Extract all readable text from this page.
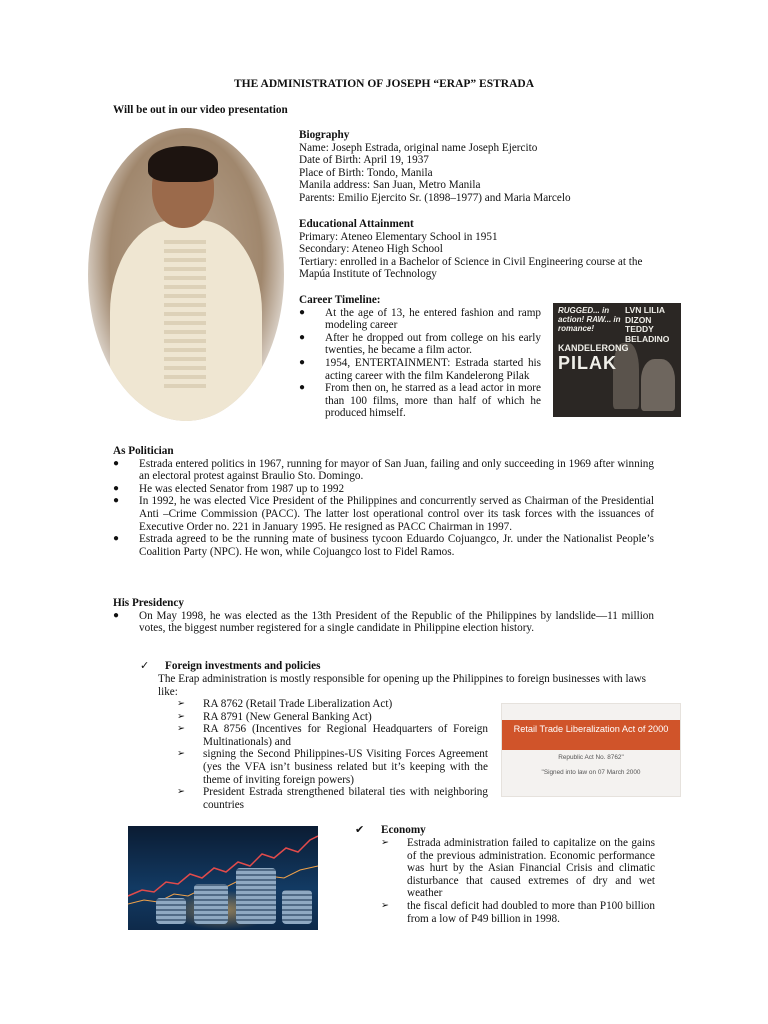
THE ADMINISTRATION OF JOSEPH “ERAP” ESTRADA
Will be out in our video presentation
Biography
Name: Joseph Estrada, original name Joseph Ejercito
Date of Birth: April 19, 1937
Place of Birth: Tondo, Manila
Manila address: San Juan, Metro Manila
Parents: Emilio Ejercito Sr. (1898–1977) and Maria Marcelo
Educational Attainment
Primary: Ateneo Elementary School in 1951
Secondary: Ateneo High School
Tertiary: enrolled in a Bachelor of Science in Civil Engineering course at the Mapúa Institute of Technology
Career Timeline:
● At the age of 13, he entered fashion and ramp modeling career
● After he dropped out from college on his early twenties, he became a film actor.
● 1954, ENTERTAINMENT: Estrada started his acting career with the film Kandelerong Pilak
● From then on, he starred as a lead actor in more than 100 films, more than half of which he produced himself.
RUGGED... in action! RAW... in romance!
LVN LILIA DIZON TEDDY BELADINO
KANDELERONG
PILAK
As Politician
● Estrada entered politics in 1967, running for mayor of San Juan, failing and only succeeding in 1969 after winning an electoral protest against Braulio Sto. Domingo.
● He was elected Senator from 1987 up to 1992
● In 1992, he was elected Vice President of the Philippines and concurrently served as Chairman of the Presidential Anti –Crime Commission (PACC). The latter lost operational control over its task forces with the issuances of Executive Order no. 221 in January 1995. He resigned as PACC Chairman in 1997.
● Estrada agreed to be the running mate of business tycoon Eduardo Cojuangco, Jr. under the Nationalist People’s Coalition Party (NPC). He won, while Cojuangco lost to Fidel Ramos.
His Presidency
● On May 1998, he was elected as the 13th President of the Republic of the Philippines by landslide—11 million votes, the biggest number registered for a single candidate in Philippine election history.
✓ Foreign investments and policies
The Erap administration is mostly responsible for opening up the Philippines to foreign businesses with laws like:
➢ RA 8762 (Retail Trade Liberalization Act)
➢ RA 8791 (New General Banking Act)
➢ RA 8756 (Incentives for Regional Headquarters of Foreign Multinationals) and
➢ signing the Second Philippines-US Visiting Forces Agreement (yes the VFA isn’t business related but it’s keeping with the theme of inviting foreign powers)
➢ President Estrada strengthened bilateral ties with neighboring countries
Retail Trade Liberalization Act of 2000
Republic Act No. 8762"
"Signed into law on 07 March 2000
✔ Economy
➢ Estrada administration failed to capitalize on the gains of the previous administration. Economic performance was hurt by the Asian Financial Crisis and climatic disturbance that caused extremes of dry and wet weather
➢ the fiscal deficit had doubled to more than P100 billion from a low of P49 billion in 1998.
